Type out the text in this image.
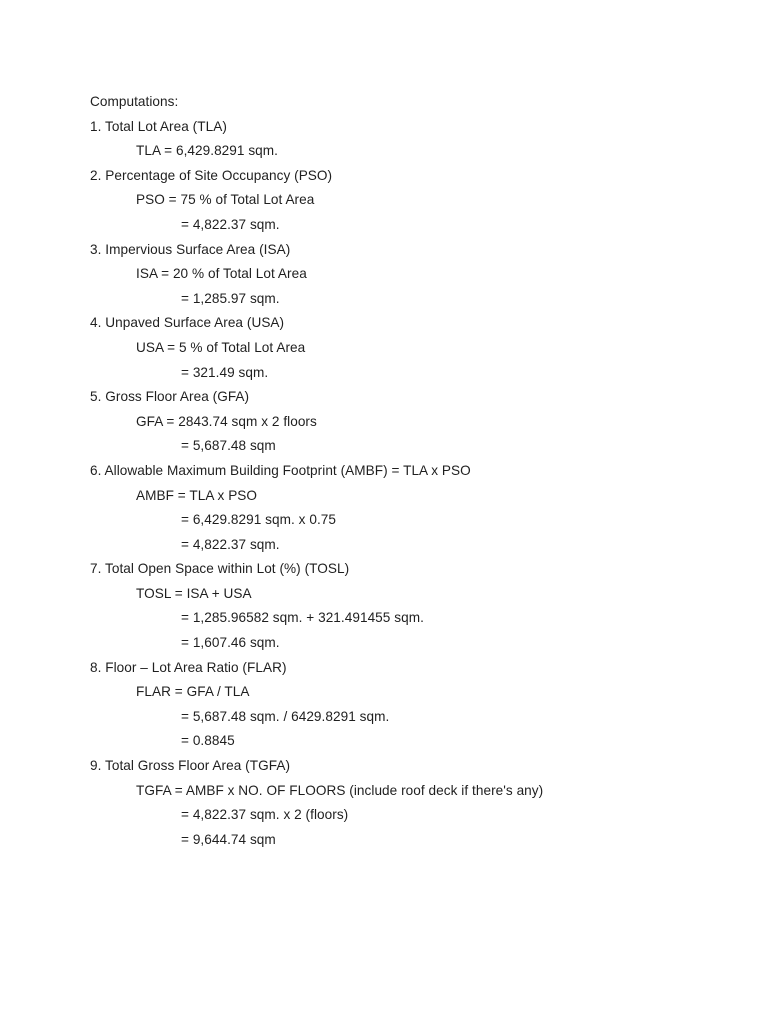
Computations:
1. Total Lot Area (TLA)
TLA = 6,429.8291 sqm.
2. Percentage of Site Occupancy (PSO)
PSO = 75 % of Total Lot Area
= 4,822.37 sqm.
3. Impervious Surface Area (ISA)
ISA = 20 % of Total Lot Area
= 1,285.97 sqm.
4. Unpaved Surface Area (USA)
USA = 5 % of Total Lot Area
= 321.49 sqm.
5. Gross Floor Area (GFA)
GFA = 2843.74 sqm x 2 floors
= 5,687.48 sqm
6. Allowable Maximum Building Footprint (AMBF) = TLA x PSO
AMBF = TLA x PSO
= 6,429.8291 sqm. x 0.75
= 4,822.37 sqm.
7. Total Open Space within Lot (%) (TOSL)
TOSL = ISA + USA
= 1,285.96582 sqm. + 321.491455 sqm.
= 1,607.46 sqm.
8. Floor – Lot Area Ratio (FLAR)
FLAR = GFA / TLA
= 5,687.48 sqm. / 6429.8291 sqm.
= 0.8845
9. Total Gross Floor Area (TGFA)
TGFA = AMBF x NO. OF FLOORS (include roof deck if there's any)
= 4,822.37 sqm. x 2 (floors)
= 9,644.74 sqm
